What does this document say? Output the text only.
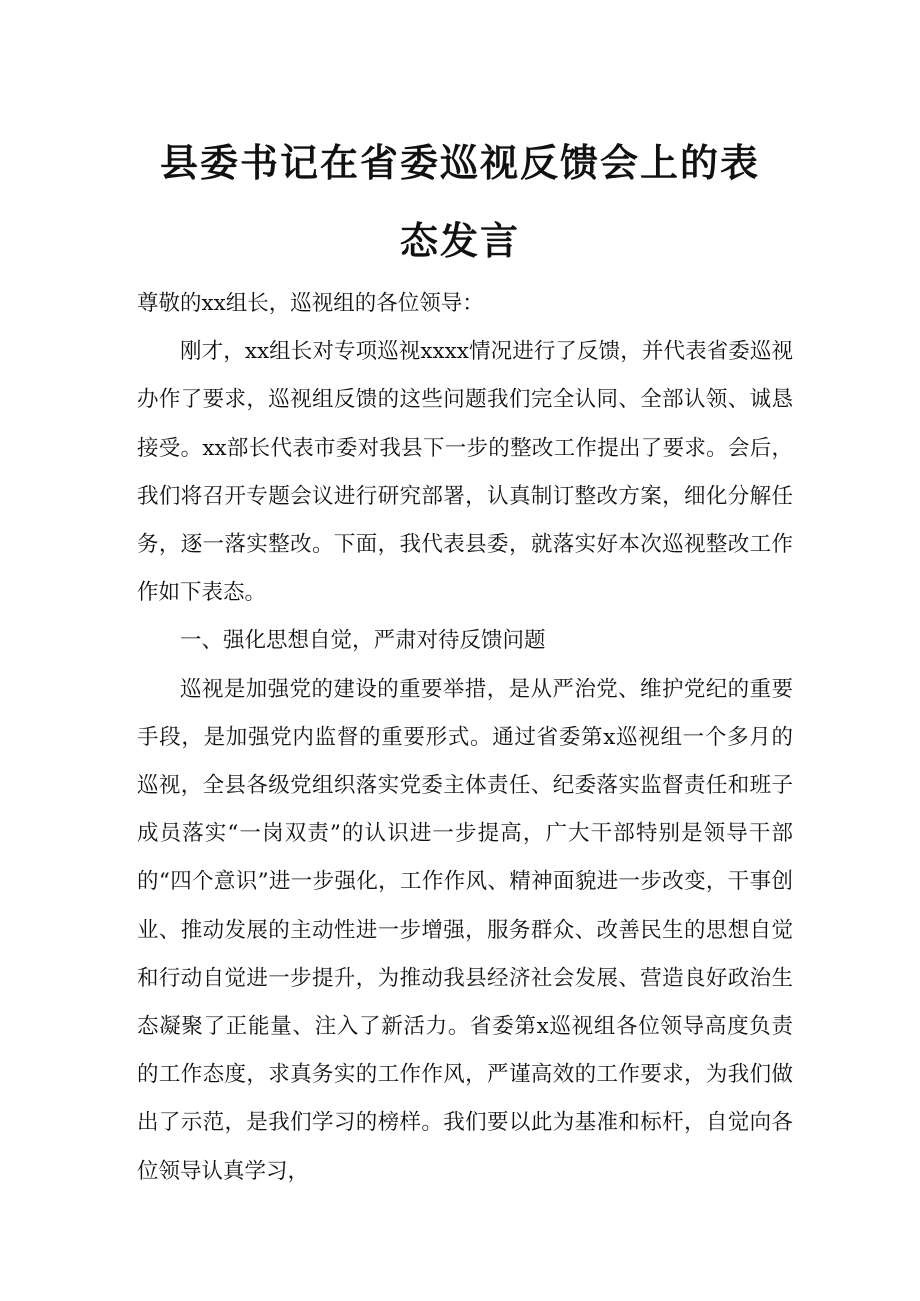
县委书记在省委巡视反馈会上的表
态发言

尊敬的xx组长，巡视组的各位领导：

刚才，xx组长对专项巡视xxxx情况进行了反馈，并代表省委巡视办作了要求，巡视组反馈的这些问题我们完全认同、全部认领、诚恳接受。xx部长代表市委对我县下一步的整改工作提出了要求。会后，我们将召开专题会议进行研究部署，认真制订整改方案，细化分解任务，逐一落实整改。下面，我代表县委，就落实好本次巡视整改工作作如下表态。

一、强化思想自觉，严肃对待反馈问题

巡视是加强党的建设的重要举措，是从严治党、维护党纪的重要手段，是加强党内监督的重要形式。通过省委第x巡视组一个多月的巡视，全县各级党组织落实党委主体责任、纪委落实监督责任和班子成员落实“一岗双责”的认识进一步提高，广大干部特别是领导干部的“四个意识”进一步强化，工作作风、精神面貌进一步改变，干事创业、推动发展的主动性进一步增强，服务群众、改善民生的思想自觉和行动自觉进一步提升，为推动我县经济社会发展、营造良好政治生态凝聚了正能量、注入了新活力。省委第x巡视组各位领导高度负责的工作态度，求真务实的工作作风，严谨高效的工作要求，为我们做出了示范，是我们学习的榜样。我们要以此为基准和标杆，自觉向各位领导认真学习，
